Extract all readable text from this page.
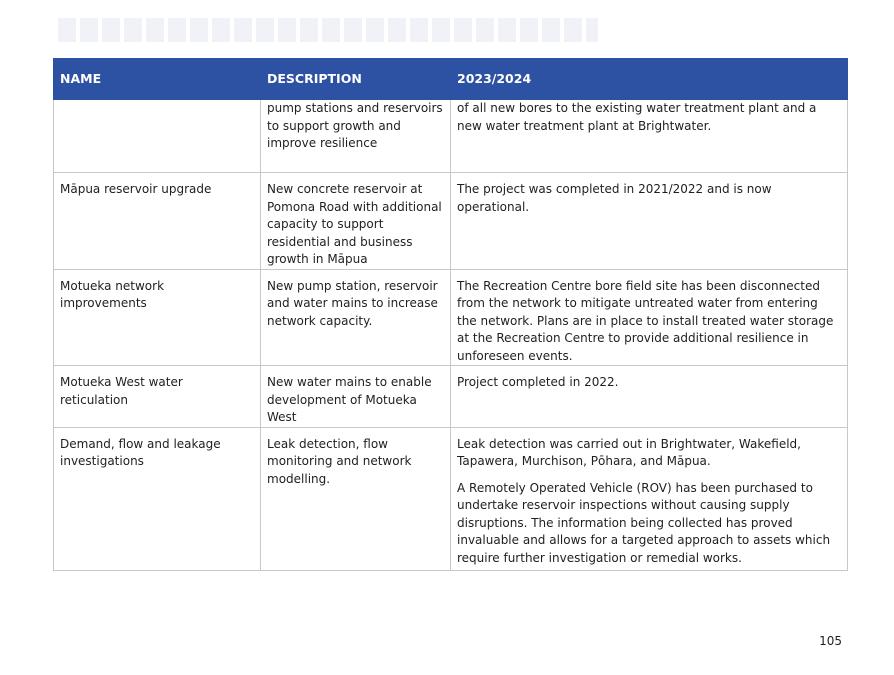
NAME	DESCRIPTION	2023/2024

	pump stations and reservoirs to support growth and improve resilience	of all new bores to the existing water treatment plant and a new water treatment plant at Brightwater.

Māpua reservoir upgrade	New concrete reservoir at Pomona Road with additional capacity to support residential and business growth in Māpua	The project was completed in 2021/2022 and is now operational.

Motueka network improvements	New pump station, reservoir and water mains to increase network capacity.	The Recreation Centre bore field site has been disconnected from the network to mitigate untreated water from entering the network. Plans are in place to install treated water storage at the Recreation Centre to provide additional resilience in unforeseen events.

Motueka West water reticulation	New water mains to enable development of Motueka West	Project completed in 2022.

Demand, flow and leakage investigations	Leak detection, flow monitoring and network modelling.	Leak detection was carried out in Brightwater, Wakefield, Tapawera, Murchison, Pōhara, and Māpua.
A Remotely Operated Vehicle (ROV) has been purchased to undertake reservoir inspections without causing supply disruptions. The information being collected has proved invaluable and allows for a targeted approach to assets which require further investigation or remedial works.
105
